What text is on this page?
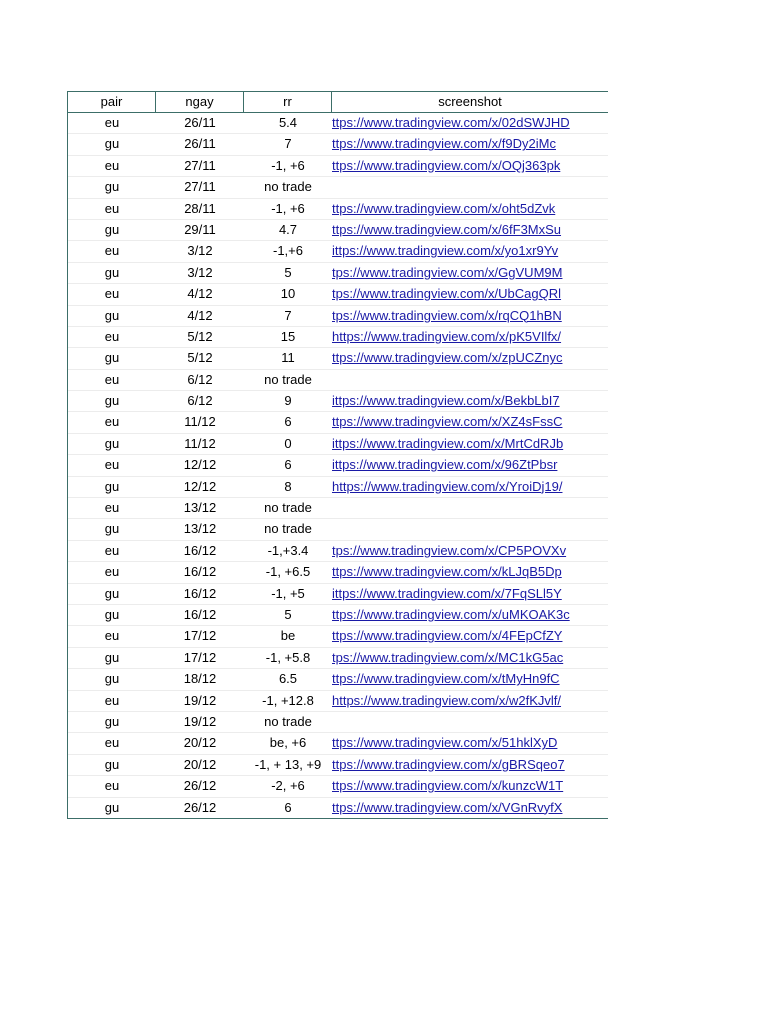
pair	ngay	rr	screenshot
eu	26/11	5.4	ttps://www.tradingview.com/x/02dSWJHD
gu	26/11	7	ttps://www.tradingview.com/x/f9Dy2iMc
eu	27/11	-1, +6	ttps://www.tradingview.com/x/OQj363pk
gu	27/11	no trade
eu	28/11	-1, +6	ttps://www.tradingview.com/x/oht5dZvk
gu	29/11	4.7	ttps://www.tradingview.com/x/6fF3MxSu
eu	3/12	-1,+6	ittps://www.tradingview.com/x/yo1xr9Yv
gu	3/12	5	tps://www.tradingview.com/x/GgVUM9M
eu	4/12	10	tps://www.tradingview.com/x/UbCagQRl
gu	4/12	7	tps://www.tradingview.com/x/rqCQ1hBN
eu	5/12	15	https://www.tradingview.com/x/pK5VIlfx/
gu	5/12	11	ttps://www.tradingview.com/x/zpUCZnyc
eu	6/12	no trade
gu	6/12	9	ittps://www.tradingview.com/x/BekbLbI7
eu	11/12	6	ttps://www.tradingview.com/x/XZ4sFssC
gu	11/12	0	ittps://www.tradingview.com/x/MrtCdRJb
eu	12/12	6	ittps://www.tradingview.com/x/96ZtPbsr
gu	12/12	8	https://www.tradingview.com/x/YroiDj19/
eu	13/12	no trade
gu	13/12	no trade
eu	16/12	-1,+3.4	tps://www.tradingview.com/x/CP5POVXv
eu	16/12	-1, +6.5	ttps://www.tradingview.com/x/kLJqB5Dp
gu	16/12	-1, +5	ittps://www.tradingview.com/x/7FqSLl5Y
gu	16/12	5	ttps://www.tradingview.com/x/uMKOAK3c
eu	17/12	be	ttps://www.tradingview.com/x/4FEpCfZY
gu	17/12	-1, +5.8	tps://www.tradingview.com/x/MC1kG5ac
gu	18/12	6.5	ttps://www.tradingview.com/x/tMyHn9fC
eu	19/12	-1, +12.8	https://www.tradingview.com/x/w2fKJvlf/
gu	19/12	no trade
eu	20/12	be, +6	ttps://www.tradingview.com/x/51hklXyD
gu	20/12	-1, + 13, +9 ttps://www.tradingview.com/x/gBRSqeo7
eu	26/12	-2, +6	ttps://www.tradingview.com/x/kunzcW1T
gu	26/12	6	ttps://www.tradingview.com/x/VGnRvyfX
